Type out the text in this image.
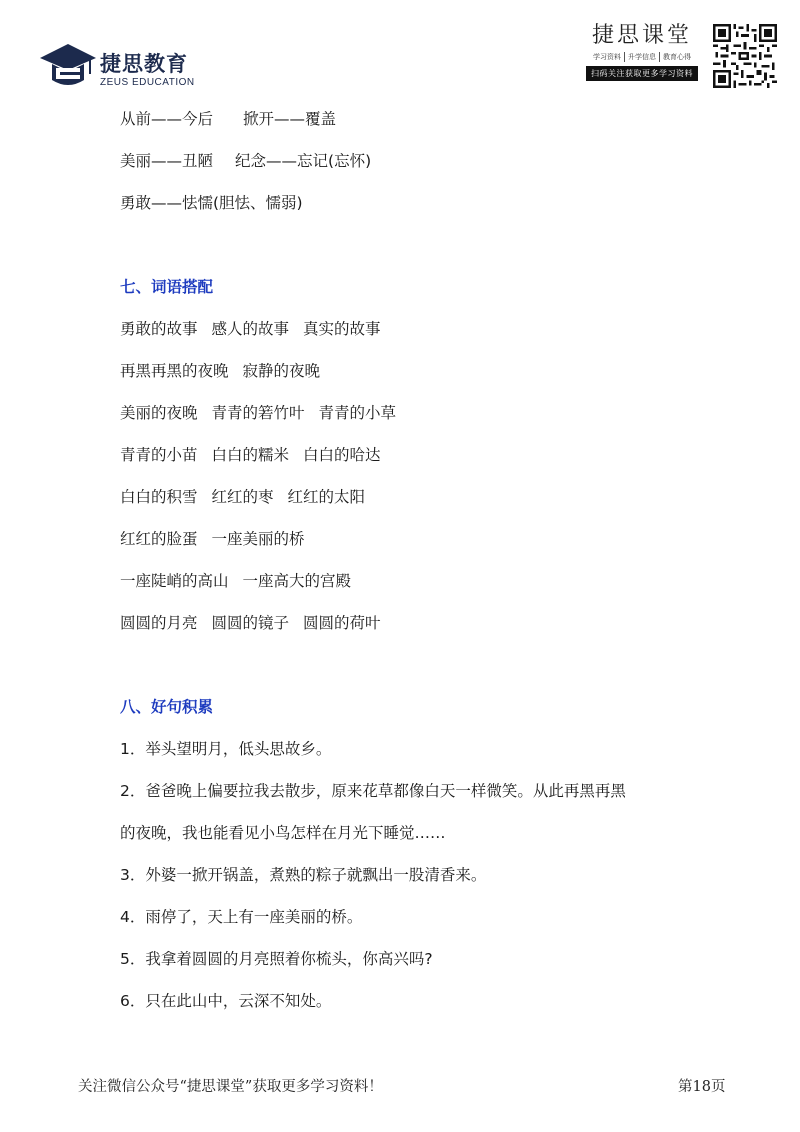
捷思教育
ZEUS EDUCATION
捷思课堂
学习资料	升学信息	教育心得
扫码关注获取更多学习资料
从前——今后 掀开——覆盖
美丽——丑陋 纪念——忘记(忘怀)
勇敢——怯懦(胆怯、懦弱)
七、词语搭配
勇敢的故事 感人的故事 真实的故事
再黑再黑的夜晚 寂静的夜晚
美丽的夜晚 青青的箬竹叶 青青的小草
青青的小苗 白白的糯米 白白的哈达
白白的积雪 红红的枣 红红的太阳
红红的脸蛋 一座美丽的桥
一座陡峭的高山 一座高大的宫殿
圆圆的月亮 圆圆的镜子 圆圆的荷叶
八、好句积累
1．举头望明月，低头思故乡。
2．爸爸晚上偏要拉我去散步，原来花草都像白天一样微笑。从此再黑再黑
的夜晚，我也能看见小鸟怎样在月光下睡觉……
3．外婆一掀开锅盖，煮熟的粽子就飘出一股清香来。
4．雨停了，天上有一座美丽的桥。
5．我拿着圆圆的月亮照着你梳头，你高兴吗?
6．只在此山中，云深不知处。
关注微信公众号“捷思课堂”获取更多学习资料！	第18页
